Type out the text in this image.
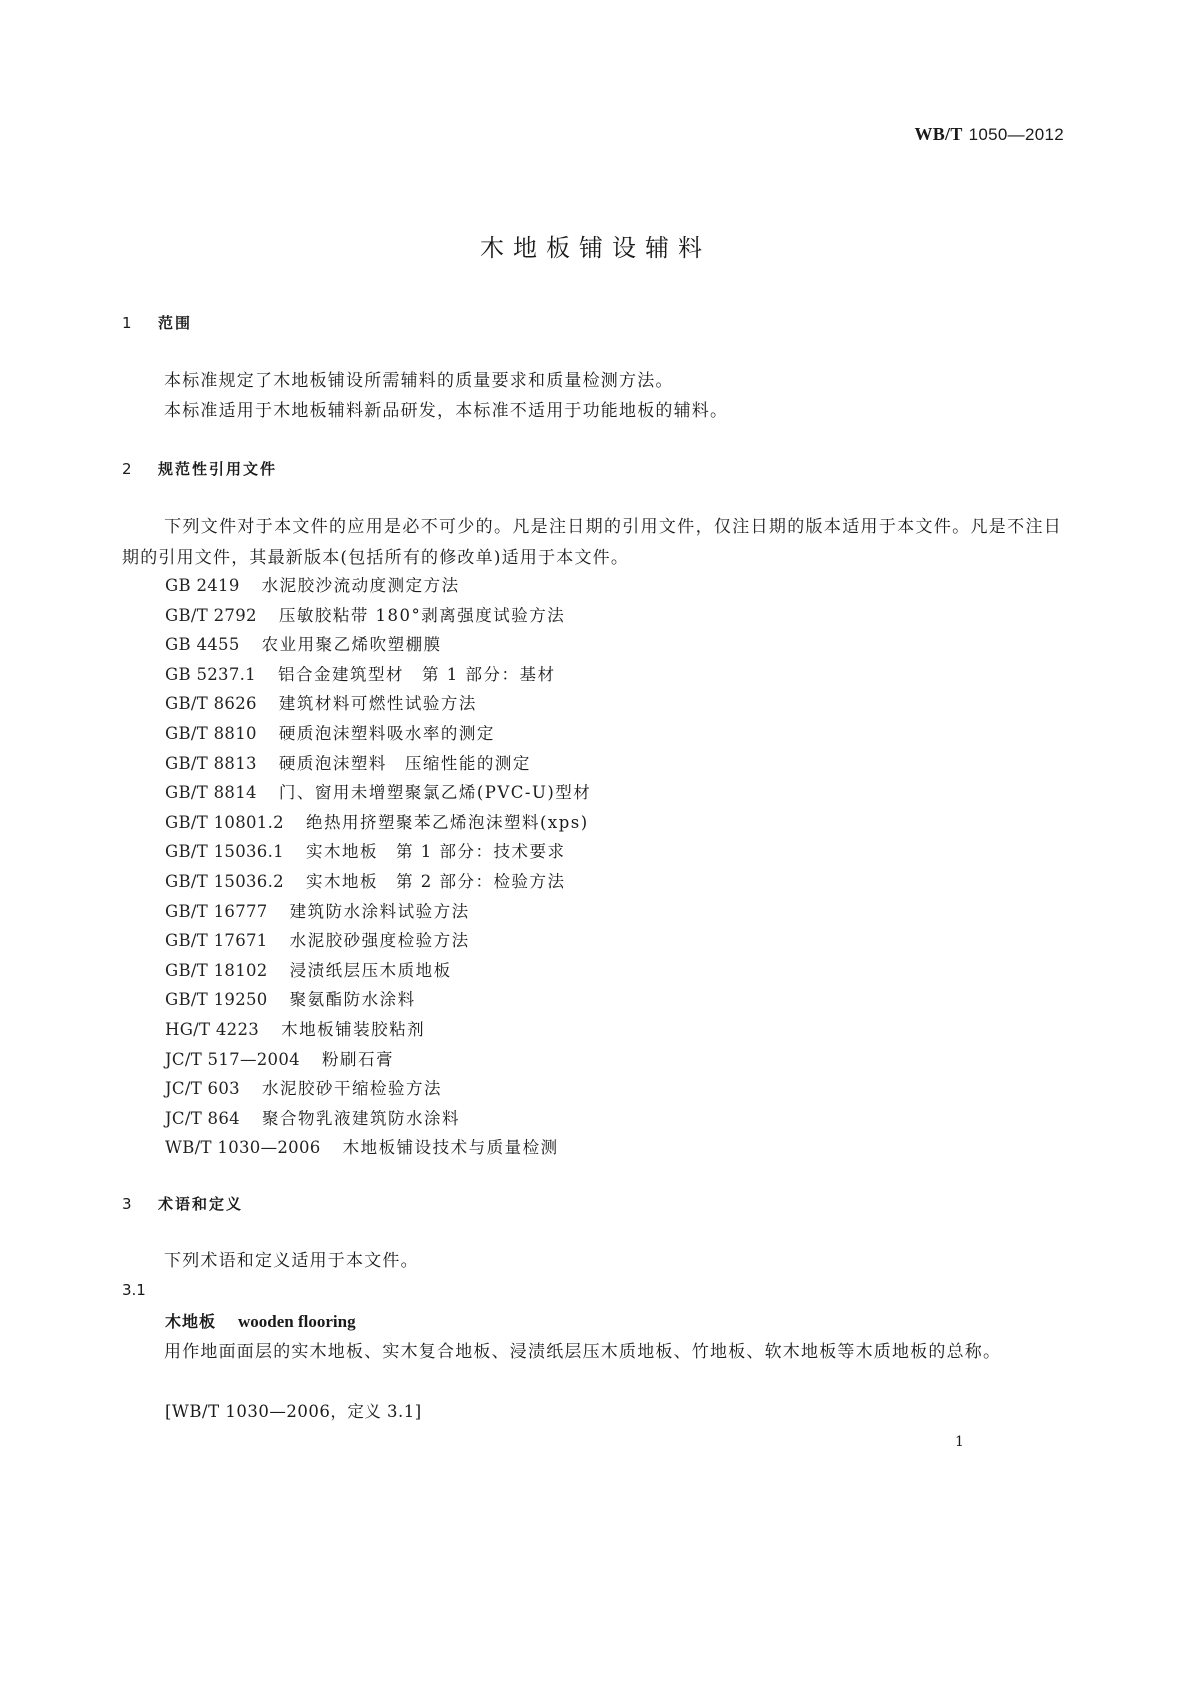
WB/T 1050—2012
木地板铺设辅料
1	范围

本标准规定了木地板铺设所需辅料的质量要求和质量检测方法。

本标准适用于木地板辅料新品研发，本标准不适用于功能地板的辅料。

2	规范性引用文件

下列文件对于本文件的应用是必不可少的。凡是注日期的引用文件，仅注日期的版本适用于本文件。凡是不注日期的引用文件，其最新版本(包括所有的修改单)适用于本文件。

GB 2419 水泥胶沙流动度测定方法
GB/T 2792 压敏胶粘带 180°剥离强度试验方法
GB 4455 农业用聚乙烯吹塑棚膜
GB 5237.1 铝合金建筑型材　第 1 部分：基材
GB/T 8626 建筑材料可燃性试验方法
GB/T 8810 硬质泡沫塑料吸水率的测定
GB/T 8813 硬质泡沫塑料　压缩性能的测定
GB/T 8814 门、窗用未增塑聚氯乙烯(PVC-U)型材
GB/T 10801.2 绝热用挤塑聚苯乙烯泡沫塑料(xps)
GB/T 15036.1 实木地板　第 1 部分：技术要求
GB/T 15036.2 实木地板　第 2 部分：检验方法
GB/T 16777 建筑防水涂料试验方法
GB/T 17671 水泥胶砂强度检验方法
GB/T 18102 浸渍纸层压木质地板
GB/T 19250 聚氨酯防水涂料
HG/T 4223 木地板铺装胶粘剂
JC/T 517—2004 粉刷石膏
JC/T 603 水泥胶砂干缩检验方法
JC/T 864 聚合物乳液建筑防水涂料
WB/T 1030—2006 木地板铺设技术与质量检测
3	术语和定义

下列术语和定义适用于本文件。

3.1
木地板 wooden flooring

用作地面面层的实木地板、实木复合地板、浸渍纸层压木质地板、竹地板、软木地板等木质地板的总称。

[WB/T 1030—2006，定义 3.1]
1
